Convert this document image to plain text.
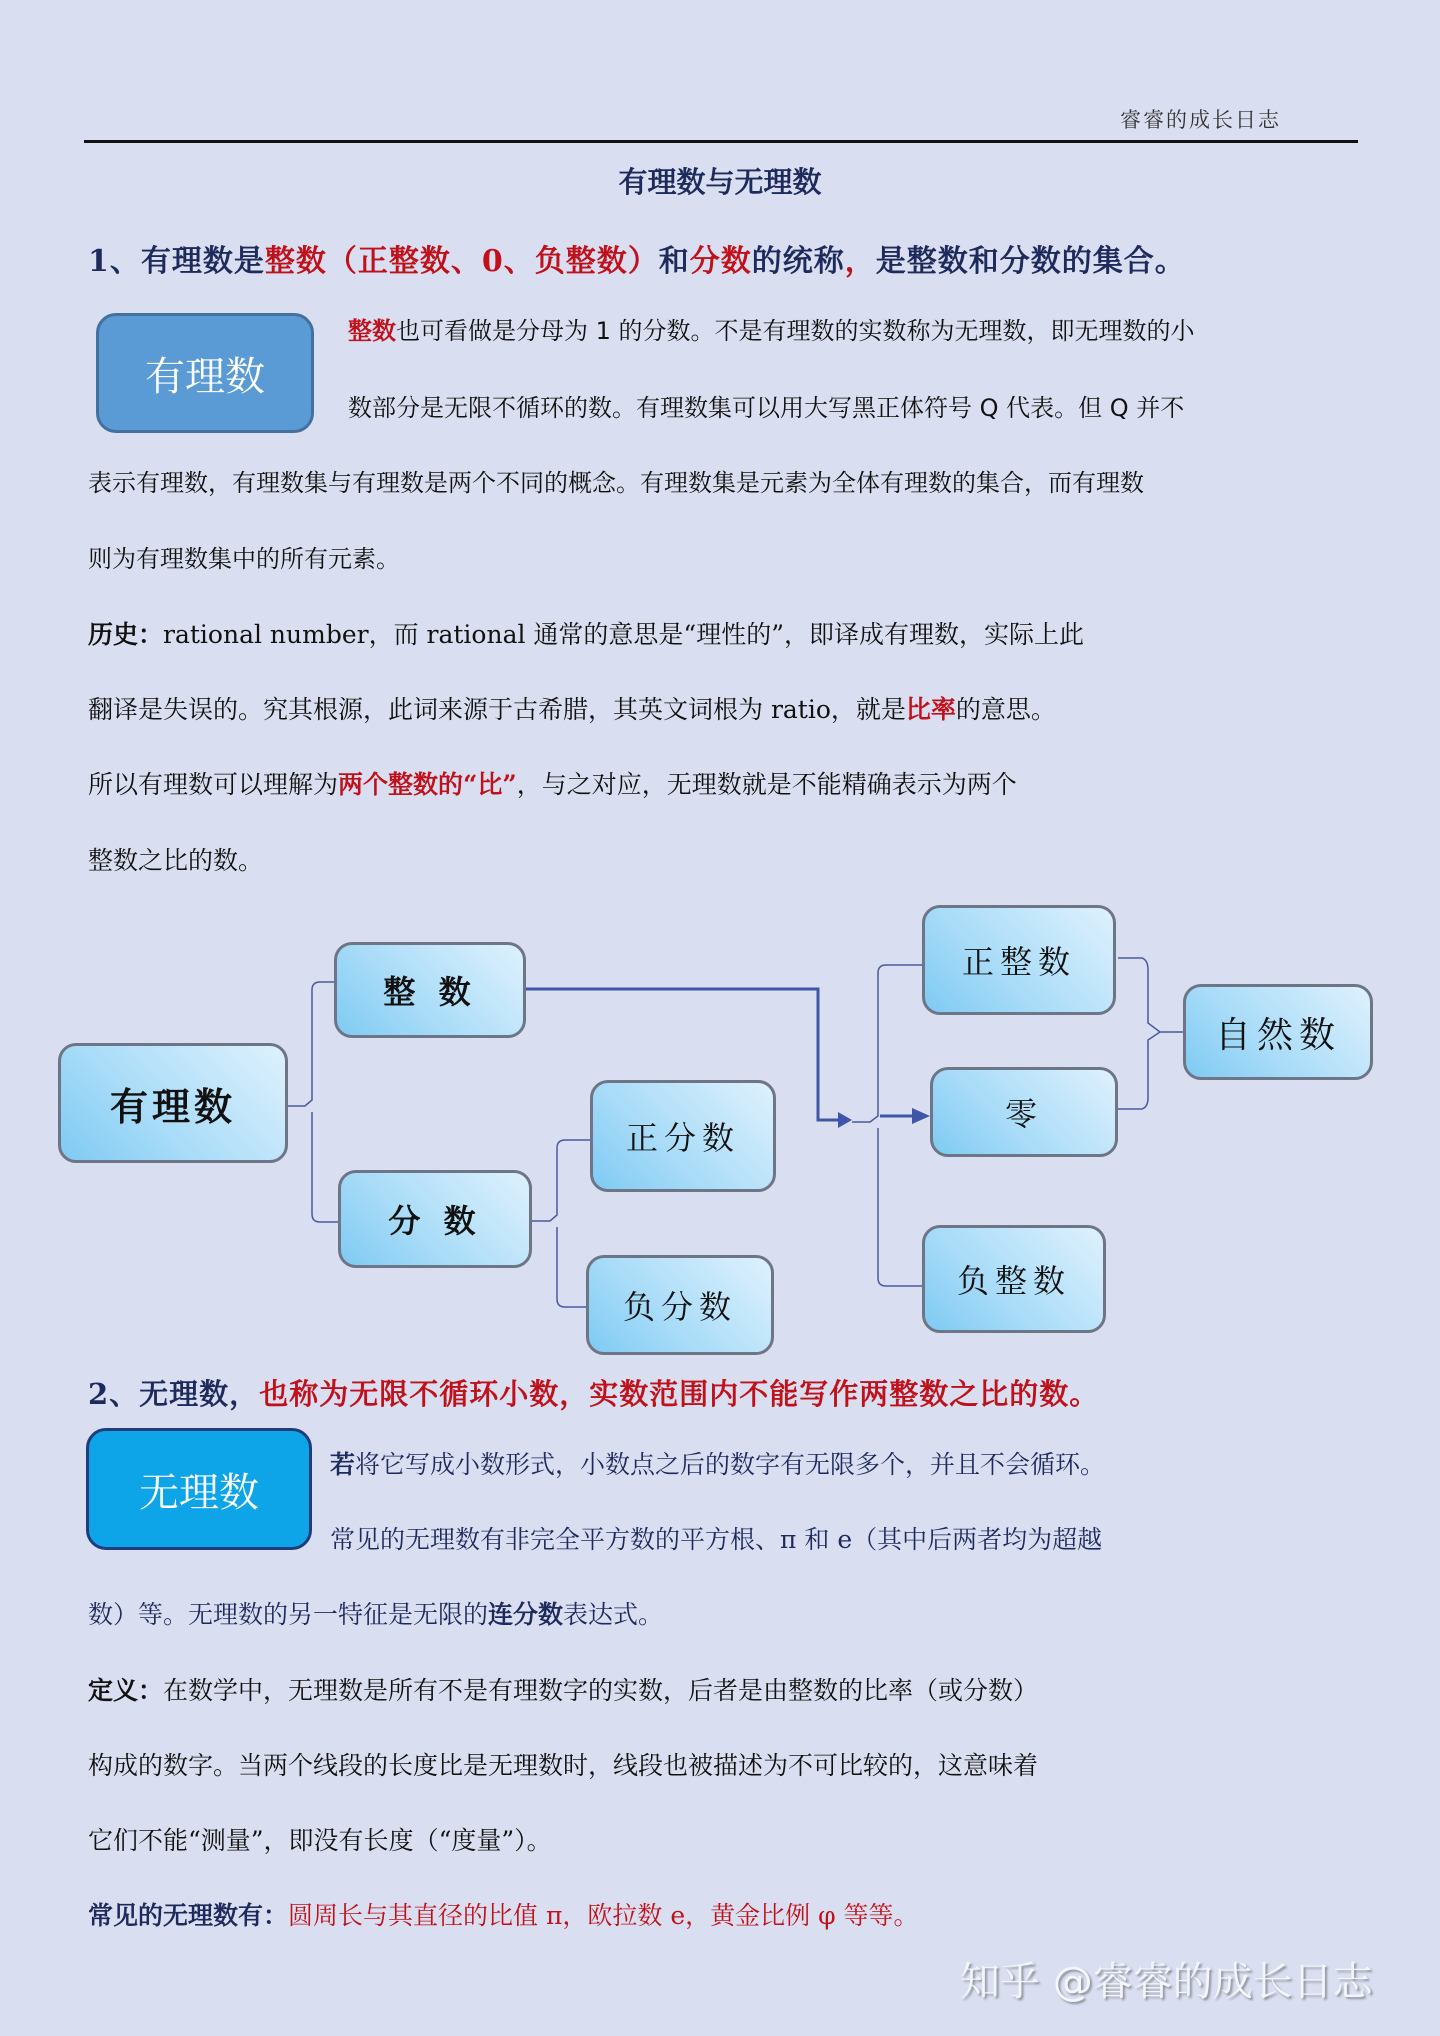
睿睿的成长日志
有理数与无理数
1、有理数是整数（正整数、0、负整数）和分数的统称，是整数和分数的集合。
有理数
整数也可看做是分母为 1 的分数。不是有理数的实数称为无理数，即无理数的小
数部分是无限不循环的数。有理数集可以用大写黑正体符号 Q 代表。但 Q 并不
表示有理数，有理数集与有理数是两个不同的概念。有理数集是元素为全体有理数的集合，而有理数
则为有理数集中的所有元素。
历史：rational number，而 rational 通常的意思是“理性的”，即译成有理数，实际上此
翻译是失误的。究其根源，此词来源于古希腊，其英文词根为 ratio，就是比率的意思。
所以有理数可以理解为两个整数的“比”，与之对应，无理数就是不能精确表示为两个
整数之比的数。
有理数
整 数
分 数
正分数
负分数
正整数
零
负整数
自然数
2、无理数，也称为无限不循环小数，实数范围内不能写作两整数之比的数。
无理数
若将它写成小数形式，小数点之后的数字有无限多个，并且不会循环。
常见的无理数有非完全平方数的平方根、π 和 e（其中后两者均为超越
数）等。无理数的另一特征是无限的连分数表达式。
定义：在数学中，无理数是所有不是有理数字的实数，后者是由整数的比率（或分数）
构成的数字。当两个线段的长度比是无理数时，线段也被描述为不可比较的，这意味着
它们不能“测量”，即没有长度（“度量”）。
常见的无理数有：圆周长与其直径的比值 π，欧拉数 e，黄金比例 φ 等等。
知乎 @睿睿的成长日志
